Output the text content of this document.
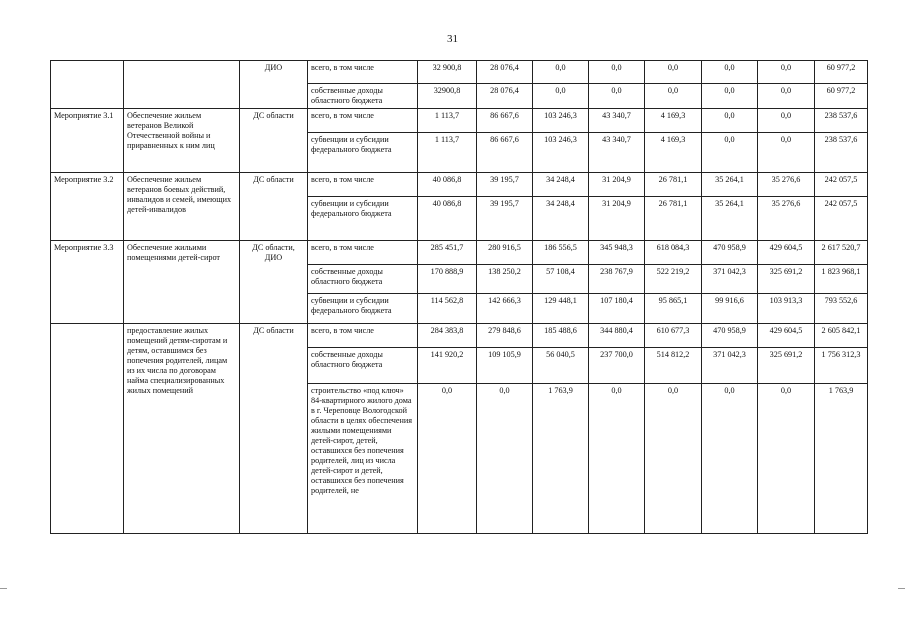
31
		ДИО	всего, в том числе	32 900,8	28 076,4	0,0	0,0	0,0	0,0	0,0	60 977,2
			собственные доходы областного бюджета	32900,8	28 076,4	0,0	0,0	0,0	0,0	0,0	60 977,2
Мероприятие 3.1	Обеспечение жильем ветеранов Великой Отечественной войны и приравненных к ним лиц	ДС области	всего, в том числе	1 113,7	86 667,6	103 246,3	43 340,7	4 169,3	0,0	0,0	238 537,6
			субвенции и субсидии федерального бюджета	1 113,7	86 667,6	103 246,3	43 340,7	4 169,3	0,0	0,0	238 537,6
Мероприятие 3.2	Обеспечение жильем ветеранов боевых действий, инвалидов и семей, имеющих детей-инвалидов	ДС области	всего, в том числе	40 086,8	39 195,7	34 248,4	31 204,9	26 781,1	35 264,1	35 276,6	242 057,5
			субвенции и субсидии федерального бюджета	40 086,8	39 195,7	34 248,4	31 204,9	26 781,1	35 264,1	35 276,6	242 057,5
Мероприятие 3.3	Обеспечение жильими помещениями детей-сирот	ДС области, ДИО	всего, в том числе	285 451,7	280 916,5	186 556,5	345 948,3	618 084,3	470 958,9	429 604,5	2 617 520,7
			собственные доходы областного бюджета	170 888,9	138 250,2	57 108,4	238 767,9	522 219,2	371 042,3	325 691,2	1 823 968,1
			субвенции и субсидии федерального бюджета	114 562,8	142 666,3	129 448,1	107 180,4	95 865,1	99 916,6	103 913,3	793 552,6
	предоставление жилых помещений детям-сиротам и детям, оставшимся без попечения родителей, лицам из их числа по договорам найма специализированных жилых помещений	ДС области	всего, в том числе	284 383,8	279 848,6	185 488,6	344 880,4	610 677,3	470 958,9	429 604,5	2 605 842,1
			собственные доходы областного бюджета	141 920,2	109 105,9	56 040,5	237 700,0	514 812,2	371 042,3	325 691,2	1 756 312,3
			строительство «под ключ» 84-квартирного жилого дома в г. Череповце Вологодской области в целях обеспечения жилыми помещениями детей-сирот, детей, оставшихся без попечения родителей, лиц из числа детей-сирот и детей, оставшихся без попечения родителей, не	0,0	0,0	1 763,9	0,0	0,0	0,0	0,0	1 763,9
